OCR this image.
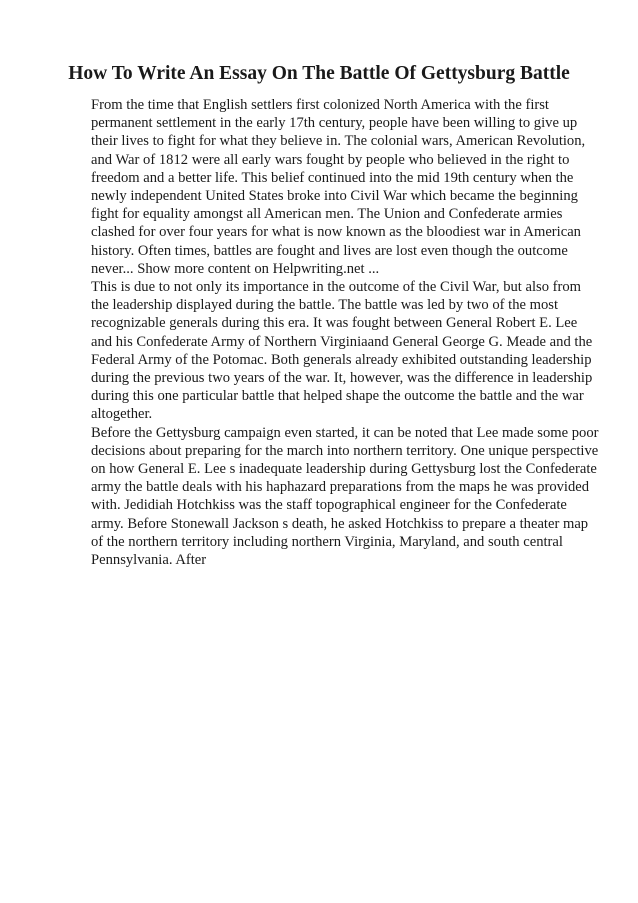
How To Write An Essay On The Battle Of Gettysburg Battle

From the time that English settlers first colonized North America with the first permanent settlement in the early 17th century, people have been willing to give up their lives to fight for what they believe in. The colonial wars, American Revolution, and War of 1812 were all early wars fought by people who believed in the right to freedom and a better life. This belief continued into the mid 19th century when the newly independent United States broke into Civil War which became the beginning fight for equality amongst all American men. The Union and Confederate armies clashed for over four years for what is now known as the bloodiest war in American history. Often times, battles are fought and lives are lost even though the outcome never... Show more content on Helpwriting.net ...

This is due to not only its importance in the outcome of the Civil War, but also from the leadership displayed during the battle. The battle was led by two of the most recognizable generals during this era. It was fought between General Robert E. Lee and his Confederate Army of Northern Virginiaand General George G. Meade and the Federal Army of the Potomac. Both generals already exhibited outstanding leadership during the previous two years of the war. It, however, was the difference in leadership during this one particular battle that helped shape the outcome the battle and the war altogether.

Before the Gettysburg campaign even started, it can be noted that Lee made some poor decisions about preparing for the march into northern territory. One unique perspective on how General E. Lee s inadequate leadership during Gettysburg lost the Confederate army the battle deals with his haphazard preparations from the maps he was provided with. Jedidiah Hotchkiss was the staff topographical engineer for the Confederate army. Before Stonewall Jackson s death, he asked Hotchkiss to prepare a theater map of the northern territory including northern Virginia, Maryland, and south central Pennsylvania. After
